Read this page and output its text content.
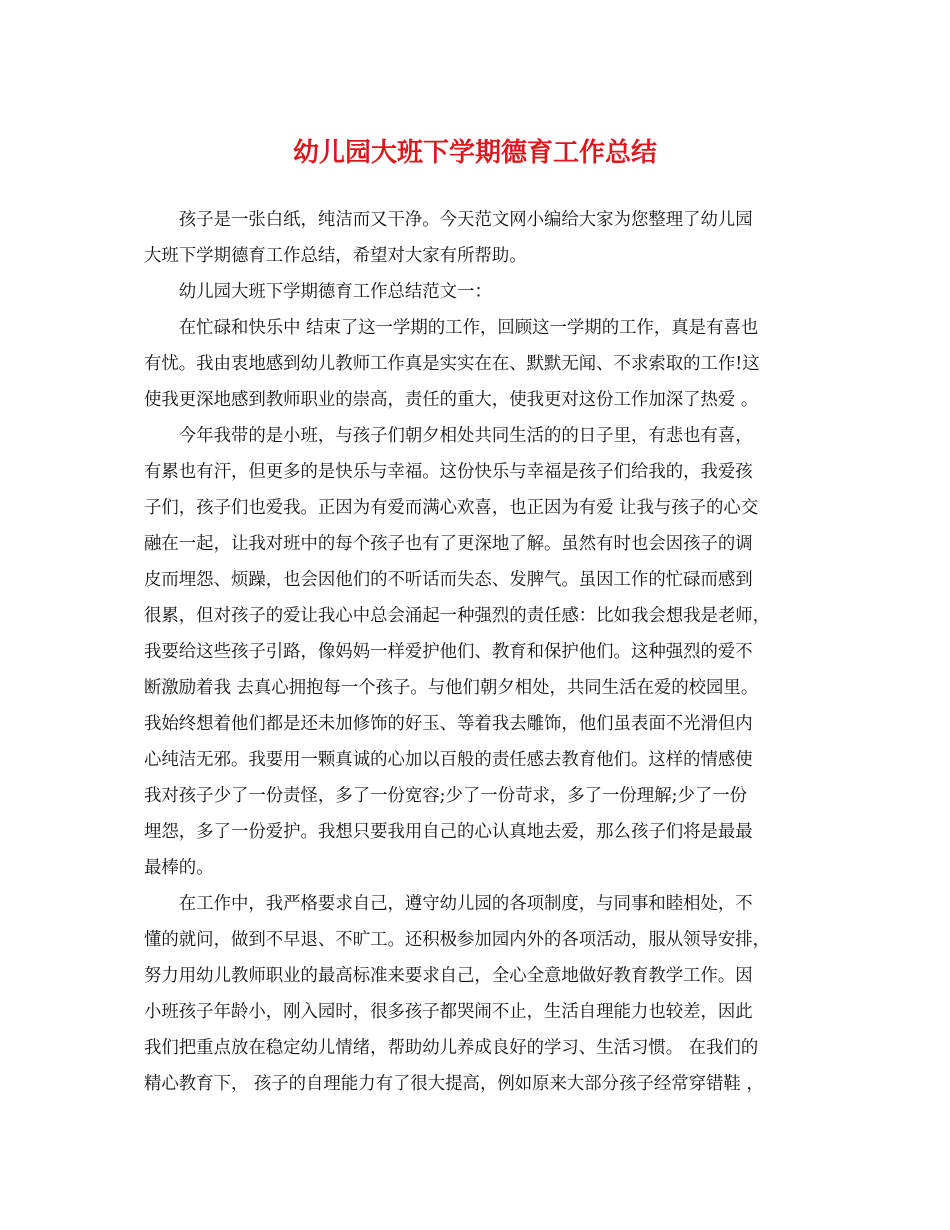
幼儿园大班下学期德育工作总结

孩子是一张白纸，纯洁而又干净。今天范文网小编给大家为您整理了幼儿园
大班下学期德育工作总结，希望对大家有所帮助。

幼儿园大班下学期德育工作总结范文一：

在忙碌和快乐中 结束了这一学期的工作，回顾这一学期的工作，真是有喜也
有忧。我由衷地感到幼儿教师工作真是实实在在、默默无闻、不求索取的工作!这
使我更深地感到教师职业的崇高，责任的重大，使我更对这份工作加深了热爱 。

今年我带的是小班，与孩子们朝夕相处共同生活的的日子里，有悲也有喜，
有累也有汗，但更多的是快乐与幸福。这份快乐与幸福是孩子们给我的，我爱孩
子们，孩子们也爱我。正因为有爱而满心欢喜，也正因为有爱 让我与孩子的心交
融在一起，让我对班中的每个孩子也有了更深地了解。虽然有时也会因孩子的调
皮而埋怨、烦躁，也会因他们的不听话而失态、发脾气。虽因工作的忙碌而感到
很累，但对孩子的爱让我心中总会涌起一种强烈的责任感：比如我会想我是老师，
我要给这些孩子引路，像妈妈一样爱护他们、教育和保护他们。这种强烈的爱不
断激励着我 去真心拥抱每一个孩子。与他们朝夕相处，共同生活在爱的校园里。
我始终想着他们都是还未加修饰的好玉、等着我去雕饰，他们虽表面不光滑但内
心纯洁无邪。我要用一颗真诚的心加以百般的责任感去教育他们。这样的情感使
我对孩子少了一份责怪，多了一份宽容;少了一份苛求，多了一份理解;少了一份
埋怨，多了一份爱护。我想只要我用自己的心认真地去爱，那么孩子们将是最最
最棒的。

在工作中，我严格要求自己，遵守幼儿园的各项制度，与同事和睦相处，不
懂的就问，做到不早退、不旷工。还积极参加园内外的各项活动，服从领导安排，
努力用幼儿教师职业的最高标准来要求自己，全心全意地做好教育教学工作。因
小班孩子年龄小，刚入园时，很多孩子都哭闹不止，生活自理能力也较差，因此
我们把重点放在稳定幼儿情绪，帮助幼儿养成良好的学习、生活习惯。 在我们的
精心教育下， 孩子的自理能力有了很大提高，例如原来大部分孩子经常穿错鞋 ，
